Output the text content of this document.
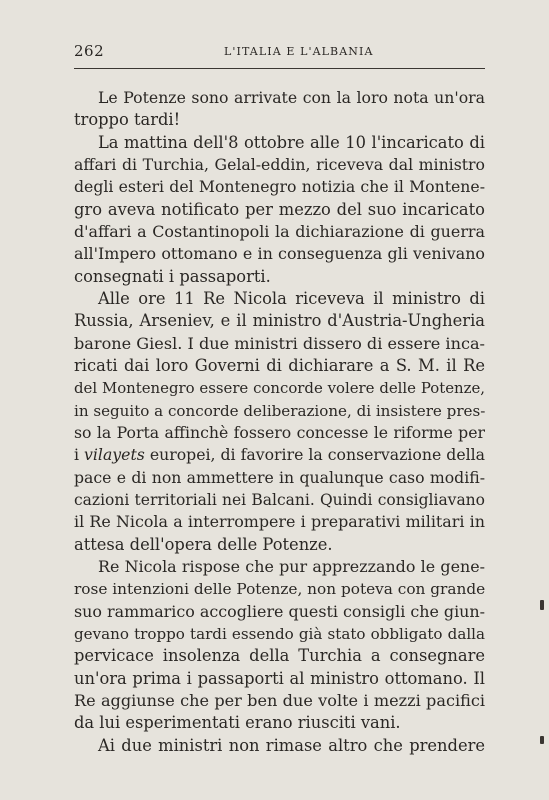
262	L'ITALIA E L'ALBANIA
Le Potenze sono arrivate con la loro nota un'ora
troppo tardi!
La mattina dell'8 ottobre alle 10 l'incaricato di
affari di Turchia, Gelal-eddin, riceveva dal ministro
degli esteri del Montenegro notizia che il Montene-
gro aveva notificato per mezzo del suo incaricato
d'affari a Costantinopoli la dichiarazione di guerra
all'Impero ottomano e in conseguenza gli venivano
consegnati i passaporti.
Alle ore 11 Re Nicola riceveva il ministro di
Russia, Arseniev, e il ministro d'Austria-Ungheria
barone Giesl. I due ministri dissero di essere inca-
ricati dai loro Governi di dichiarare a S. M. il Re
del Montenegro essere concorde volere delle Potenze,
in seguito a concorde deliberazione, di insistere pres-
so la Porta affinchè fossero concesse le riforme per
i vilayets europei, di favorire la conservazione della
pace e di non ammettere in qualunque caso modifi-
cazioni territoriali nei Balcani. Quindi consigliavano
il Re Nicola a interrompere i preparativi militari in
attesa dell'opera delle Potenze.
Re Nicola rispose che pur apprezzando le gene-
rose intenzioni delle Potenze, non poteva con grande
suo rammarico accogliere questi consigli che giun-
gevano troppo tardi essendo già stato obbligato dalla
pervicace insolenza della Turchia a consegnare
un'ora prima i passaporti al ministro ottomano. Il
Re aggiunse che per ben due volte i mezzi pacifici
da lui esperimentati erano riusciti vani.
Ai due ministri non rimase altro che prendere
